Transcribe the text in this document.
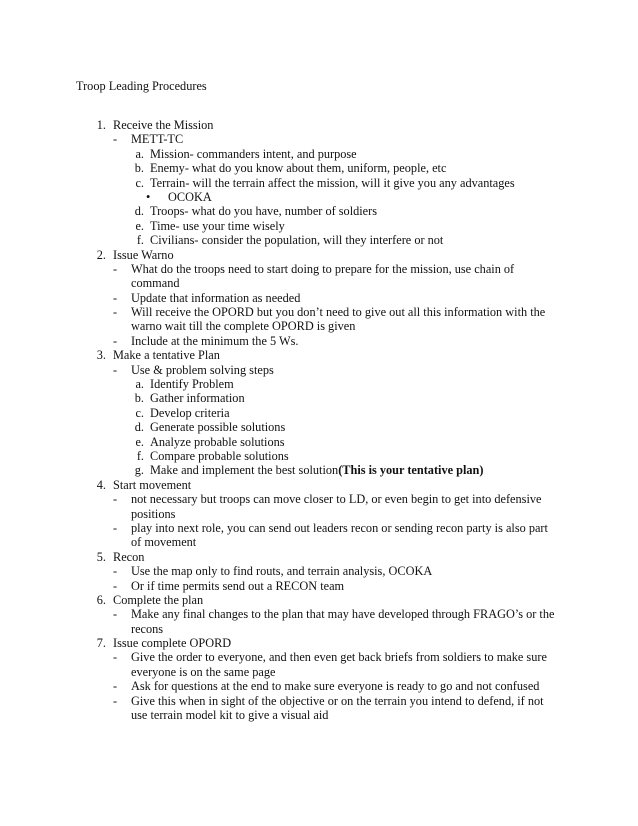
Troop Leading Procedures
1. Receive the Mission
-	METT-TC
a. Mission- commanders intent, and purpose
b. Enemy- what do you know about them, uniform, people, etc
c. Terrain- will the terrain affect the mission, will it give you any advantages
•	OCOKA
d. Troops- what do you have, number of soldiers
e. Time- use your time wisely
f. Civilians- consider the population, will they interfere or not
2. Issue Warno
-	What do the troops need to start doing to prepare for the mission, use chain of
command
-	Update that information as needed
-	Will receive the OPORD but you don’t need to give out all this information with the
warno wait till the complete OPORD is given
-	Include at the minimum the 5 Ws.
3. Make a tentative Plan
-	Use & problem solving steps
a. Identify Problem
b. Gather information
c. Develop criteria
d. Generate possible solutions
e. Analyze probable solutions
f. Compare probable solutions
g. Make and implement the best solution(This is your tentative plan)
4. Start movement
-	not necessary but troops can move closer to LD, or even begin to get into defensive
positions
-	play into next role, you can send out leaders recon or sending recon party is also part
of movement
5. Recon
-	Use the map only to find routs, and terrain analysis, OCOKA
-	Or if time permits send out a RECON team
6. Complete the plan
-	Make any final changes to the plan that may have developed through FRAGO’s or the
recons
7. Issue complete OPORD
-	Give the order to everyone, and then even get back briefs from soldiers to make sure
everyone is on the same page
-	Ask for questions at the end to make sure everyone is ready to go and not confused
-	Give this when in sight of the objective or on the terrain you intend to defend, if not
use terrain model kit to give a visual aid
